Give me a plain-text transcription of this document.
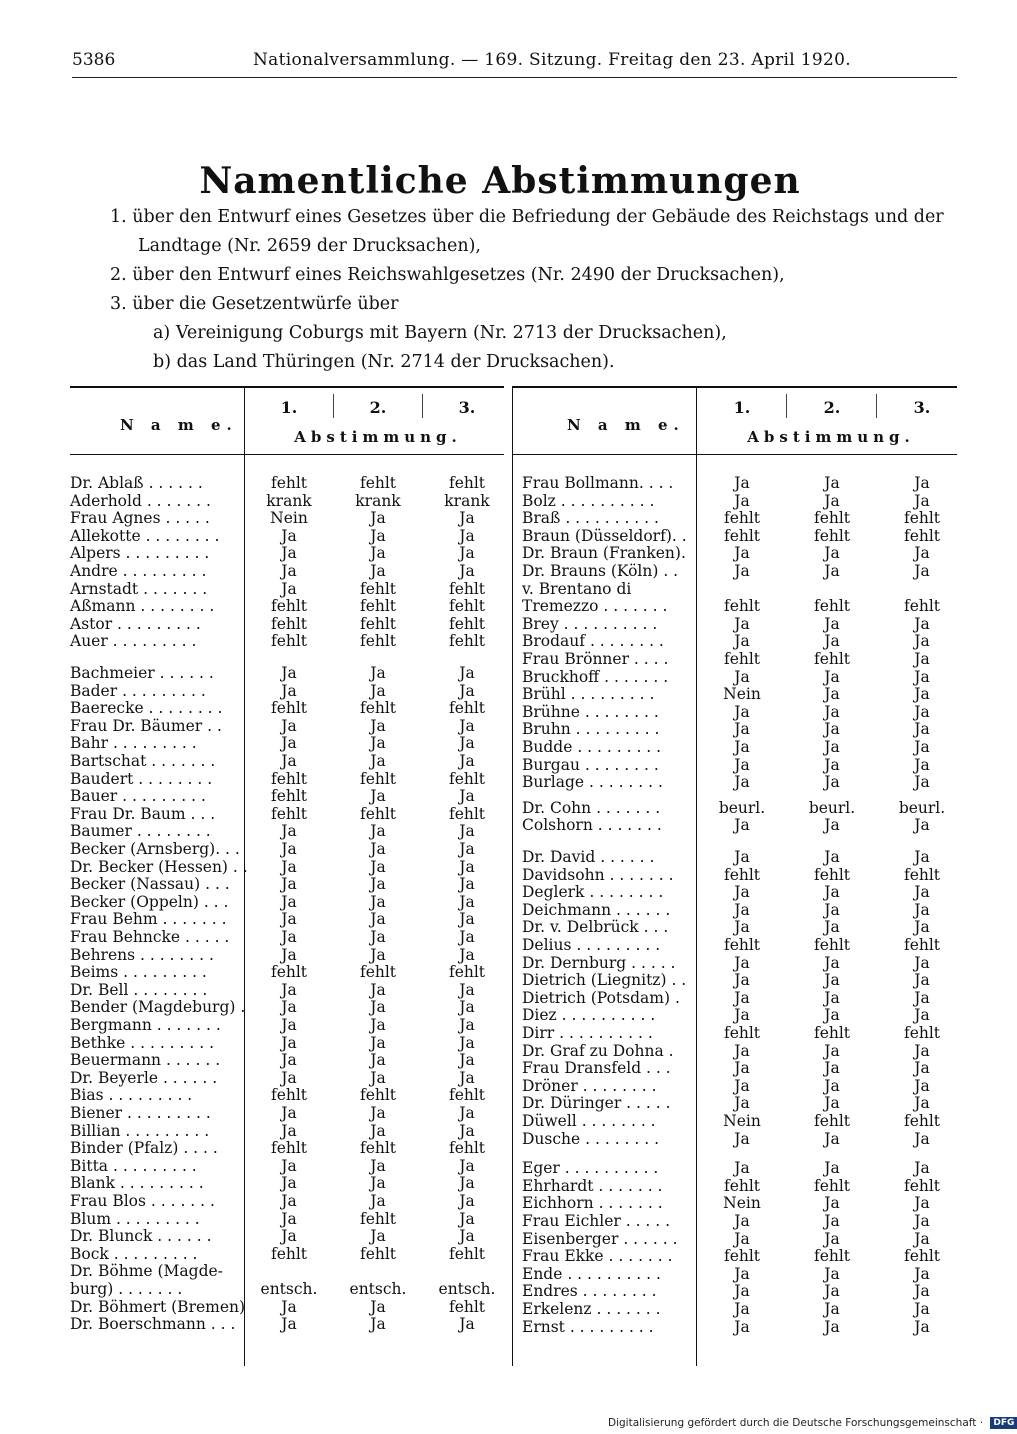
5386	Nationalversammlung. — 169. Sitzung. Freitag den 23. April 1920.
Namentliche Abstimmungen
1. über den Entwurf eines Gesetzes über die Befriedung der Gebäude des Reichstags und der
Landtage (Nr. 2659 der Drucksachen),
2. über den Entwurf eines Reichswahlgesetzes (Nr. 2490 der Drucksachen),
3. über die Gesetzentwürfe über
a) Vereinigung Coburgs mit Bayern (Nr. 2713 der Drucksachen),
b) das Land Thüringen (Nr. 2714 der Drucksachen).
N a m e.
1.	2.	3.
Abstimmung.
Dr. Ablaß . . . . . .	fehlt	fehlt	fehlt
Aderhold . . . . . . .	krank	krank	krank
Frau Agnes . . . . .	Nein	Ja	Ja
Allekotte . . . . . . . .	Ja	Ja	Ja
Alpers . . . . . . . . .	Ja	Ja	Ja
Andre . . . . . . . . .	Ja	Ja	Ja
Arnstadt . . . . . . .	Ja	fehlt	fehlt
Aßmann . . . . . . . .	fehlt	fehlt	fehlt
Astor . . . . . . . . .	fehlt	fehlt	fehlt
Auer . . . . . . . . .	fehlt	fehlt	fehlt
Bachmeier . . . . . .	Ja	Ja	Ja
Bader . . . . . . . . .	Ja	Ja	Ja
Baerecke . . . . . . . .	fehlt	fehlt	fehlt
Frau Dr. Bäumer . .	Ja	Ja	Ja
Bahr . . . . . . . . .	Ja	Ja	Ja
Bartschat . . . . . . .	Ja	Ja	Ja
Baudert . . . . . . . .	fehlt	fehlt	fehlt
Bauer . . . . . . . . .	fehlt	Ja	Ja
Frau Dr. Baum . . .	fehlt	fehlt	fehlt
Baumer . . . . . . . .	Ja	Ja	Ja
Becker (Arnsberg). . .	Ja	Ja	Ja
Dr. Becker (Hessen) . .	Ja	Ja	Ja
Becker (Nassau) . . .	Ja	Ja	Ja
Becker (Oppeln) . . .	Ja	Ja	Ja
Frau Behm . . . . . . .	Ja	Ja	Ja
Frau Behncke . . . . .	Ja	Ja	Ja
Behrens . . . . . . . .	Ja	Ja	Ja
Beims . . . . . . . . .	fehlt	fehlt	fehlt
Dr. Bell . . . . . . . .	Ja	Ja	Ja
Bender (Magdeburg) .	Ja	Ja	Ja
Bergmann . . . . . . .	Ja	Ja	Ja
Bethke . . . . . . . . .	Ja	Ja	Ja
Beuermann . . . . . .	Ja	Ja	Ja
Dr. Beyerle . . . . . .	Ja	Ja	Ja
Bias . . . . . . . . .	fehlt	fehlt	fehlt
Biener . . . . . . . . .	Ja	Ja	Ja
Billian . . . . . . . . .	Ja	Ja	Ja
Binder (Pfalz) . . . .	fehlt	fehlt	fehlt
Bitta . . . . . . . . .	Ja	Ja	Ja
Blank . . . . . . . . .	Ja	Ja	Ja
Frau Blos . . . . . . .	Ja	Ja	Ja
Blum . . . . . . . . .	Ja	fehlt	Ja
Dr. Blunck . . . . . .	Ja	Ja	Ja
Bock . . . . . . . . .	fehlt	fehlt	fehlt
Dr. Böhme (Magde-
burg) . . . . . . .	entsch.	entsch.	entsch.
Dr. Böhmert (Bremen)	Ja	Ja	fehlt
Dr. Boerschmann . . .	Ja	Ja	Ja
N a m e.
1.	2.	3.
Abstimmung.
Frau Bollmann. . . .	Ja	Ja	Ja
Bolz . . . . . . . . . .	Ja	Ja	Ja
Braß . . . . . . . . . .	fehlt	fehlt	fehlt
Braun (Düsseldorf). .	fehlt	fehlt	fehlt
Dr. Braun (Franken).	Ja	Ja	Ja
Dr. Brauns (Köln) . .	Ja	Ja	Ja
v. Brentano di
Tremezzo . . . . . . .	fehlt	fehlt	fehlt
Brey . . . . . . . . . .	Ja	Ja	Ja
Brodauf . . . . . . . .	Ja	Ja	Ja
Frau Brönner . . . .	fehlt	fehlt	Ja
Bruckhoff . . . . . . .	Ja	Ja	Ja
Brühl . . . . . . . . .	Nein	Ja	Ja
Brühne . . . . . . . .	Ja	Ja	Ja
Bruhn . . . . . . . . .	Ja	Ja	Ja
Budde . . . . . . . . .	Ja	Ja	Ja
Burgau . . . . . . . .	Ja	Ja	Ja
Burlage . . . . . . . .	Ja	Ja	Ja
Dr. Cohn . . . . . . .	beurl.	beurl.	beurl.
Colshorn . . . . . . .	Ja	Ja	Ja
Dr. David . . . . . .	Ja	Ja	Ja
Davidsohn . . . . . . .	fehlt	fehlt	fehlt
Deglerk . . . . . . . .	Ja	Ja	Ja
Deichmann . . . . . .	Ja	Ja	Ja
Dr. v. Delbrück . . .	Ja	Ja	Ja
Delius . . . . . . . . .	fehlt	fehlt	fehlt
Dr. Dernburg . . . . .	Ja	Ja	Ja
Dietrich (Liegnitz) . .	Ja	Ja	Ja
Dietrich (Potsdam) .	Ja	Ja	Ja
Diez . . . . . . . . . .	Ja	Ja	Ja
Dirr . . . . . . . . . .	fehlt	fehlt	fehlt
Dr. Graf zu Dohna .	Ja	Ja	Ja
Frau Dransfeld . . .	Ja	Ja	Ja
Dröner . . . . . . . .	Ja	Ja	Ja
Dr. Düringer . . . . .	Ja	Ja	Ja
Düwell . . . . . . . .	Nein	fehlt	fehlt
Dusche . . . . . . . .	Ja	Ja	Ja
Eger . . . . . . . . . .	Ja	Ja	Ja
Ehrhardt . . . . . . .	fehlt	fehlt	fehlt
Eichhorn . . . . . . .	Nein	Ja	Ja
Frau Eichler . . . . .	Ja	Ja	Ja
Eisenberger . . . . . .	Ja	Ja	Ja
Frau Ekke . . . . . . .	fehlt	fehlt	fehlt
Ende . . . . . . . . . .	Ja	Ja	Ja
Endres . . . . . . . .	Ja	Ja	Ja
Erkelenz . . . . . . .	Ja	Ja	Ja
Ernst . . . . . . . . .	Ja	Ja	Ja
Digitalisierung gefördert durch die Deutsche Forschungsgemeinschaft · DFG
